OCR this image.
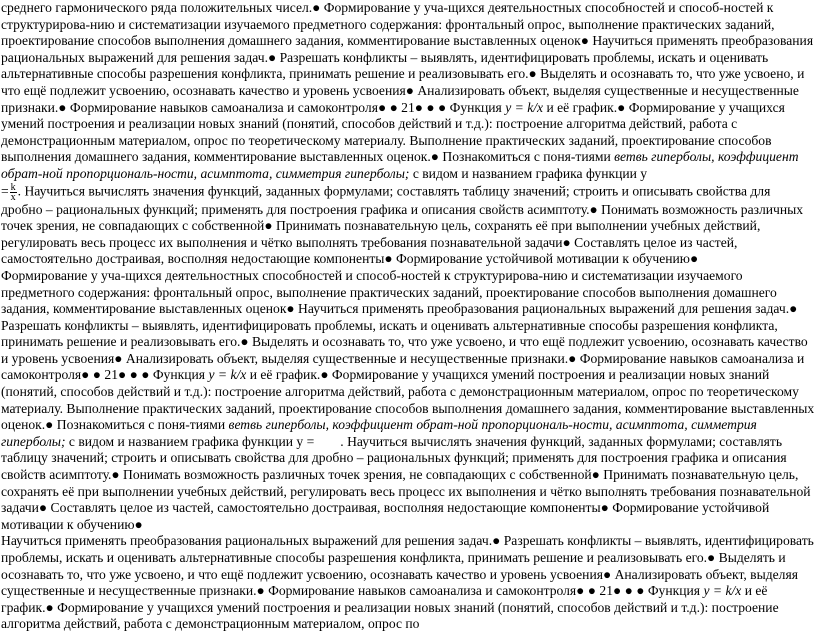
среднего гармонического ряда положительных чисел.● Формирование у уча-щихся деятельностных способностей и способ-ностей к структурирова-нию и систематизации изучаемого предметного содержания: фронтальный опрос, выполнение практических заданий, проектирование способов выполнения домашнего задания, комментирование выставленных оценок● Научиться применять преобразования рациональных выражений для решения задач.● Разрешать конфликты – выявлять, идентифицировать проблемы, искать и оценивать альтернативные способы разрешения конфликта, принимать решение и реализовывать его.● Выделять и осознавать то, что уже усвоено, и что ещё подлежит усвоению, осознавать качество и уровень усвоения● Анализировать объект, выделяя существенные и несущественные признаки.● Формирование навыков самоанализа и самоконтроля● ● 21● ● ● Функция y = k/x и её график.● Формирование у учащихся умений построения и реализации новых знаний (понятий, способов действий и т.д.): построение алгоритма действий, работа с демонстрационным материалом, опрос по теоретическому материалу. Выполнение практических заданий, проектирование способов выполнения домашнего задания, комментирование выставленных оценок.● Познакомиться с поня-тиями ветвь гиперболы, коэффициент обрат-ной пропорциональ-ности, асимптота, симметрия гиперболы; с видом и названием графика функции y
= $\frac{k}{x}$ . Научиться вычислять значения функций, заданных формулами; составлять таблицу значений; строить и описывать свойства для дробно – рациональных функций; применять для построения графика и описания свойств асимптоту.● Понимать возможность различных точек зрения, не совпадающих с собственной● Принимать познавательную цель, сохранять её при выполнении учебных действий, регулировать весь процесс их выполнения и чётко выполнять требования познавательной задачи● Составлять целое из частей, самостоятельно достраивая, восполняя недостающие компоненты● Формирование устойчивой мотивации к обучению●

Формирование у уча-щихся деятельностных способностей и способ-ностей к структурирова-нию и систематизации изучаемого предметного содержания: фронтальный опрос, выполнение практических заданий, проектирование способов выполнения домашнего задания, комментирование выставленных оценок● Научиться применять преобразования рациональных выражений для решения задач.● Разрешать конфликты – выявлять, идентифицировать проблемы, искать и оценивать альтернативные способы разрешения конфликта, принимать решение и реализовывать его.● Выделять и осознавать то, что уже усвоено, и что ещё подлежит усвоению, осознавать качество и уровень усвоения● Анализировать объект, выделяя существенные и несущественные признаки.● Формирование навыков самоанализа и самоконтроля● ● 21● ● ● Функция y = k/x и её график.● Формирование у учащихся умений построения и реализации новых знаний (понятий, способов действий и т.д.): построение алгоритма действий, работа с демонстрационным материалом, опрос по теоретическому материалу. Выполнение практических заданий, проектирование способов выполнения домашнего задания, комментирование выставленных оценок.● Познакомиться с поня-тиями ветвь гиперболы, коэффициент обрат-ной пропорциональ-ности, асимптота, симметрия гиперболы; с видом и названием графика функции y = . Научиться вычислять значения функций, заданных формулами; составлять таблицу значений; строить и описывать свойства для дробно – рациональных функций; применять для построения графика и описания свойств асимптоту.● Понимать возможность различных точек зрения, не совпадающих с собственной● Принимать познавательную цель, сохранять её при выполнении учебных действий, регулировать весь процесс их выполнения и чётко выполнять требования познавательной задачи● Составлять целое из частей, самостоятельно достраивая, восполняя недостающие компоненты● Формирование устойчивой мотивации к обучению●

Научиться применять преобразования рациональных выражений для решения задач.● Разрешать конфликты – выявлять, идентифицировать проблемы, искать и оценивать альтернативные способы разрешения конфликта, принимать решение и реализовывать его.● Выделять и осознавать то, что уже усвоено, и что ещё подлежит усвоению, осознавать качество и уровень усвоения● Анализировать объект, выделяя существенные и несущественные признаки.● Формирование навыков самоанализа и самоконтроля● ● 21● ● ● Функция y = k/x и её график.● Формирование у учащихся умений построения и реализации новых знаний (понятий, способов действий и т.д.): построение алгоритма действий, работа с демонстрационным материалом, опрос по
